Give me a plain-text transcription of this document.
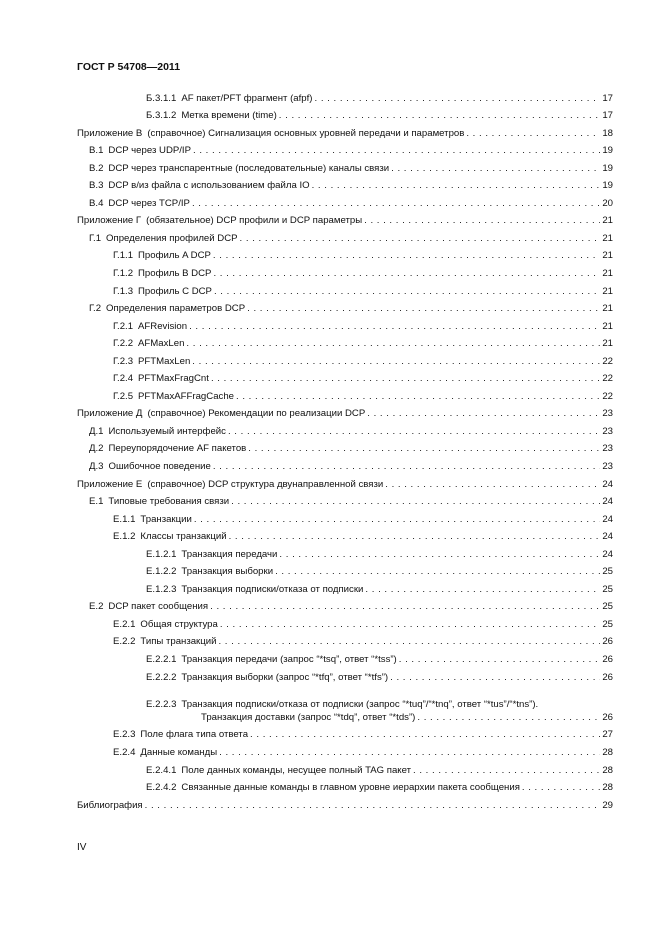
ГОСТ Р 54708—2011
Б.3.1.1 AF пакет/PFT фрагмент (afpf) . . .	17
Б.3.1.2 Метка времени (time) . . .	17
Приложение В (справочное) Сигнализация основных уровней передачи и параметров . . .	18
В.1 DCP через UDP/IP . . .	19
В.2 DCP через транспарентные (последовательные) каналы связи . . .	19
В.3 DCP в/из файла с использованием файла IO . . .	19
В.4 DCP через TCP/IP . . .	20
Приложение Г (обязательное) DCP профили и DCP параметры . . .	21
Г.1 Определения профилей DCP . . .	21
Г.1.1 Профиль A DCP . . .	21
Г.1.2 Профиль B DCP . . .	21
Г.1.3 Профиль C DCP . . .	21
Г.2 Определения параметров DCP . . .	21
Г.2.1 AFRevision . . .	21
Г.2.2 AFMaxLen . . .	21
Г.2.3 PFTMaxLen . . .	22
Г.2.4 PFTMaxFragCnt . . .	22
Г.2.5 PFTMaxAFFragCache . . .	22
Приложение Д (справочное) Рекомендации по реализации DCP . . .	23
Д.1 Используемый интерфейс . . .	23
Д.2 Переупорядочение AF пакетов . . .	23
Д.3 Ошибочное поведение . . .	23
Приложение Е (справочное) DCP структура двунаправленной связи . . .	24
Е.1 Типовые требования связи . . .	24
Е.1.1 Транзакции . . .	24
Е.1.2 Классы транзакций . . .	24
Е.1.2.1 Транзакция передачи . . .	24
Е.1.2.2 Транзакция выборки . . .	25
Е.1.2.3 Транзакция подписки/отказа от подписки . . .	25
Е.2 DCP пакет сообщения . . .	25
Е.2.1 Общая структура . . .	25
Е.2.2 Типы транзакций . . .	26
Е.2.2.1 Транзакция передачи (запрос “*tsq”, ответ “*tss”) . . .	26
Е.2.2.2 Транзакция выборки (запрос “*tfq”, ответ “*tfs”) . . .	26
Е.2.2.3 Транзакция подписки/отказа от подписки (запрос “*tuq”/“*tnq”, ответ “*tus”/“*tns”).
Транзакция доставки (запрос “*tdq”, ответ “*tds”) . . .	26
Е.2.3 Поле флага типа ответа . . .	27
Е.2.4 Данные команды . . .	28
Е.2.4.1 Поле данных команды, несущее полный TAG пакет . . .	28
Е.2.4.2 Связанные данные команды в главном уровне иерархии пакета сообщения . . .	28
Библиография . . .	29
IV
